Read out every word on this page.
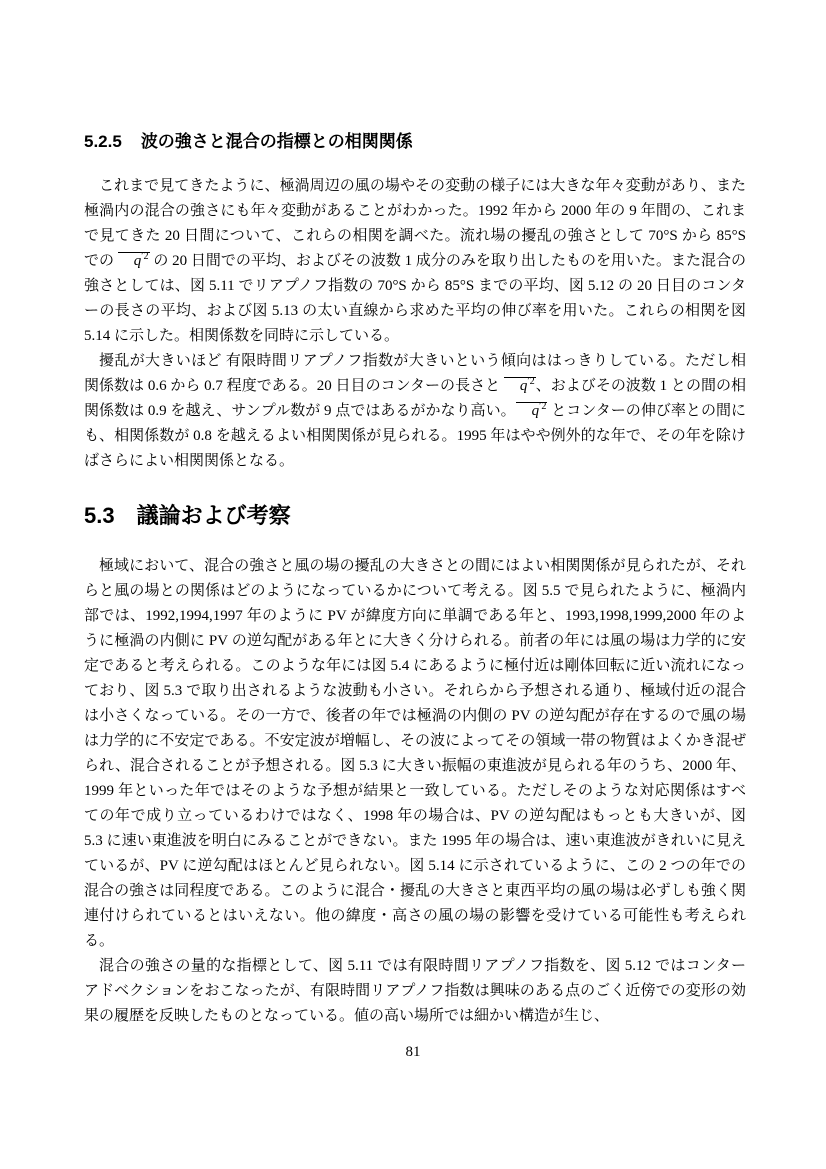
5.2.5 波の強さと混合の指標との相関関係

これまで見てきたように、極渦周辺の風の場やその変動の様子には大きな年々変動があり、また極渦内の混合の強さにも年々変動があることがわかった。1992 年から 2000 年の 9 年間の、これまで見てきた 20 日間について、これらの相関を調べた。流れ場の擾乱の強さとして 70°S から 85°S での $q^{'2}$ の 20 日間での平均、およびその波数 1 成分のみを取り出したものを用いた。また混合の強さとしては、図 5.11 でリアプノフ指数の 70°S から 85°S までの平均、図 5.12 の 20 日目のコンターの長さの平均、および図 5.13 の太い直線から求めた平均の伸び率を用いた。これらの相関を図 5.14 に示した。相関係数を同時に示している。

擾乱が大きいほど 有限時間リアプノフ指数が大きいという傾向ははっきりしている。ただし相関係数は 0.6 から 0.7 程度である。20 日目のコンターの長さと $q^{'2}$、およびその波数 1 との間の相関係数は 0.9 を越え、サンプル数が 9 点ではあるがかなり高い。 $q^{'2}$ とコンターの伸び率との間にも、相関係数が 0.8 を越えるよい相関関係が見られる。1995 年はやや例外的な年で、その年を除けばさらによい相関関係となる。

5.3 議論および考察

極域において、混合の強さと風の場の擾乱の大きさとの間にはよい相関関係が見られたが、それらと風の場との関係はどのようになっているかについて考える。図 5.5 で見られたように、極渦内部では、1992,1994,1997 年のように PV が緯度方向に単調である年と、1993,1998,1999,2000 年のように極渦の内側に PV の逆勾配がある年とに大きく分けられる。前者の年には風の場は力学的に安定であると考えられる。このような年には図 5.4 にあるように極付近は剛体回転に近い流れになっており、図 5.3 で取り出されるような波動も小さい。それらから予想される通り、極域付近の混合は小さくなっている。その一方で、後者の年では極渦の内側の PV の逆勾配が存在するので風の場は力学的に不安定である。不安定波が増幅し、その波によってその領域一帯の物質はよくかき混ぜられ、混合されることが予想される。図 5.3 に大きい振幅の東進波が見られる年のうち、2000 年、1999 年といった年ではそのような予想が結果と一致している。ただしそのような対応関係はすべての年で成り立っているわけではなく、1998 年の場合は、PV の逆勾配はもっとも大きいが、図 5.3 に速い東進波を明白にみることができない。また 1995 年の場合は、速い東進波がきれいに見えているが、PV に逆勾配はほとんど見られない。図 5.14 に示されているように、この 2 つの年での混合の強さは同程度である。このように混合・擾乱の大きさと東西平均の風の場は必ずしも強く関連付けられているとはいえない。他の緯度・高さの風の場の影響を受けている可能性も考えられる。

混合の強さの量的な指標として、図 5.11 では有限時間リアプノフ指数を、図 5.12 ではコンターアドベクションをおこなったが、有限時間リアプノフ指数は興味のある点のごく近傍での変形の効果の履歴を反映したものとなっている。値の高い場所では細かい構造が生じ、

81
